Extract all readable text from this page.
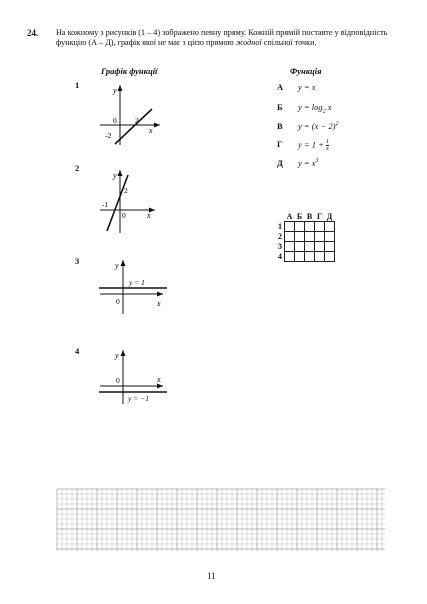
24. На кожному з рисунків (1 – 4) зображено певну пряму. Кожній прямій поставте у відповідність функцію (А – Д), графік якої не має з цією прямою жодної спільної точки.
Графік функції	Функція
1
y
x
0 2
-2
2
y
x
0
-1
2
3	y
x
0
y = 1
4	y
x
0
y = −1
А	y = x
Б	$y = \log_2 x$
В	$y = (x - 2)^2$
Г	$y = 1 + \frac{1}{x}$
Д	$y = x^3$
	А	Б	В	Г	Д
1					
2					
3					
4					
11
